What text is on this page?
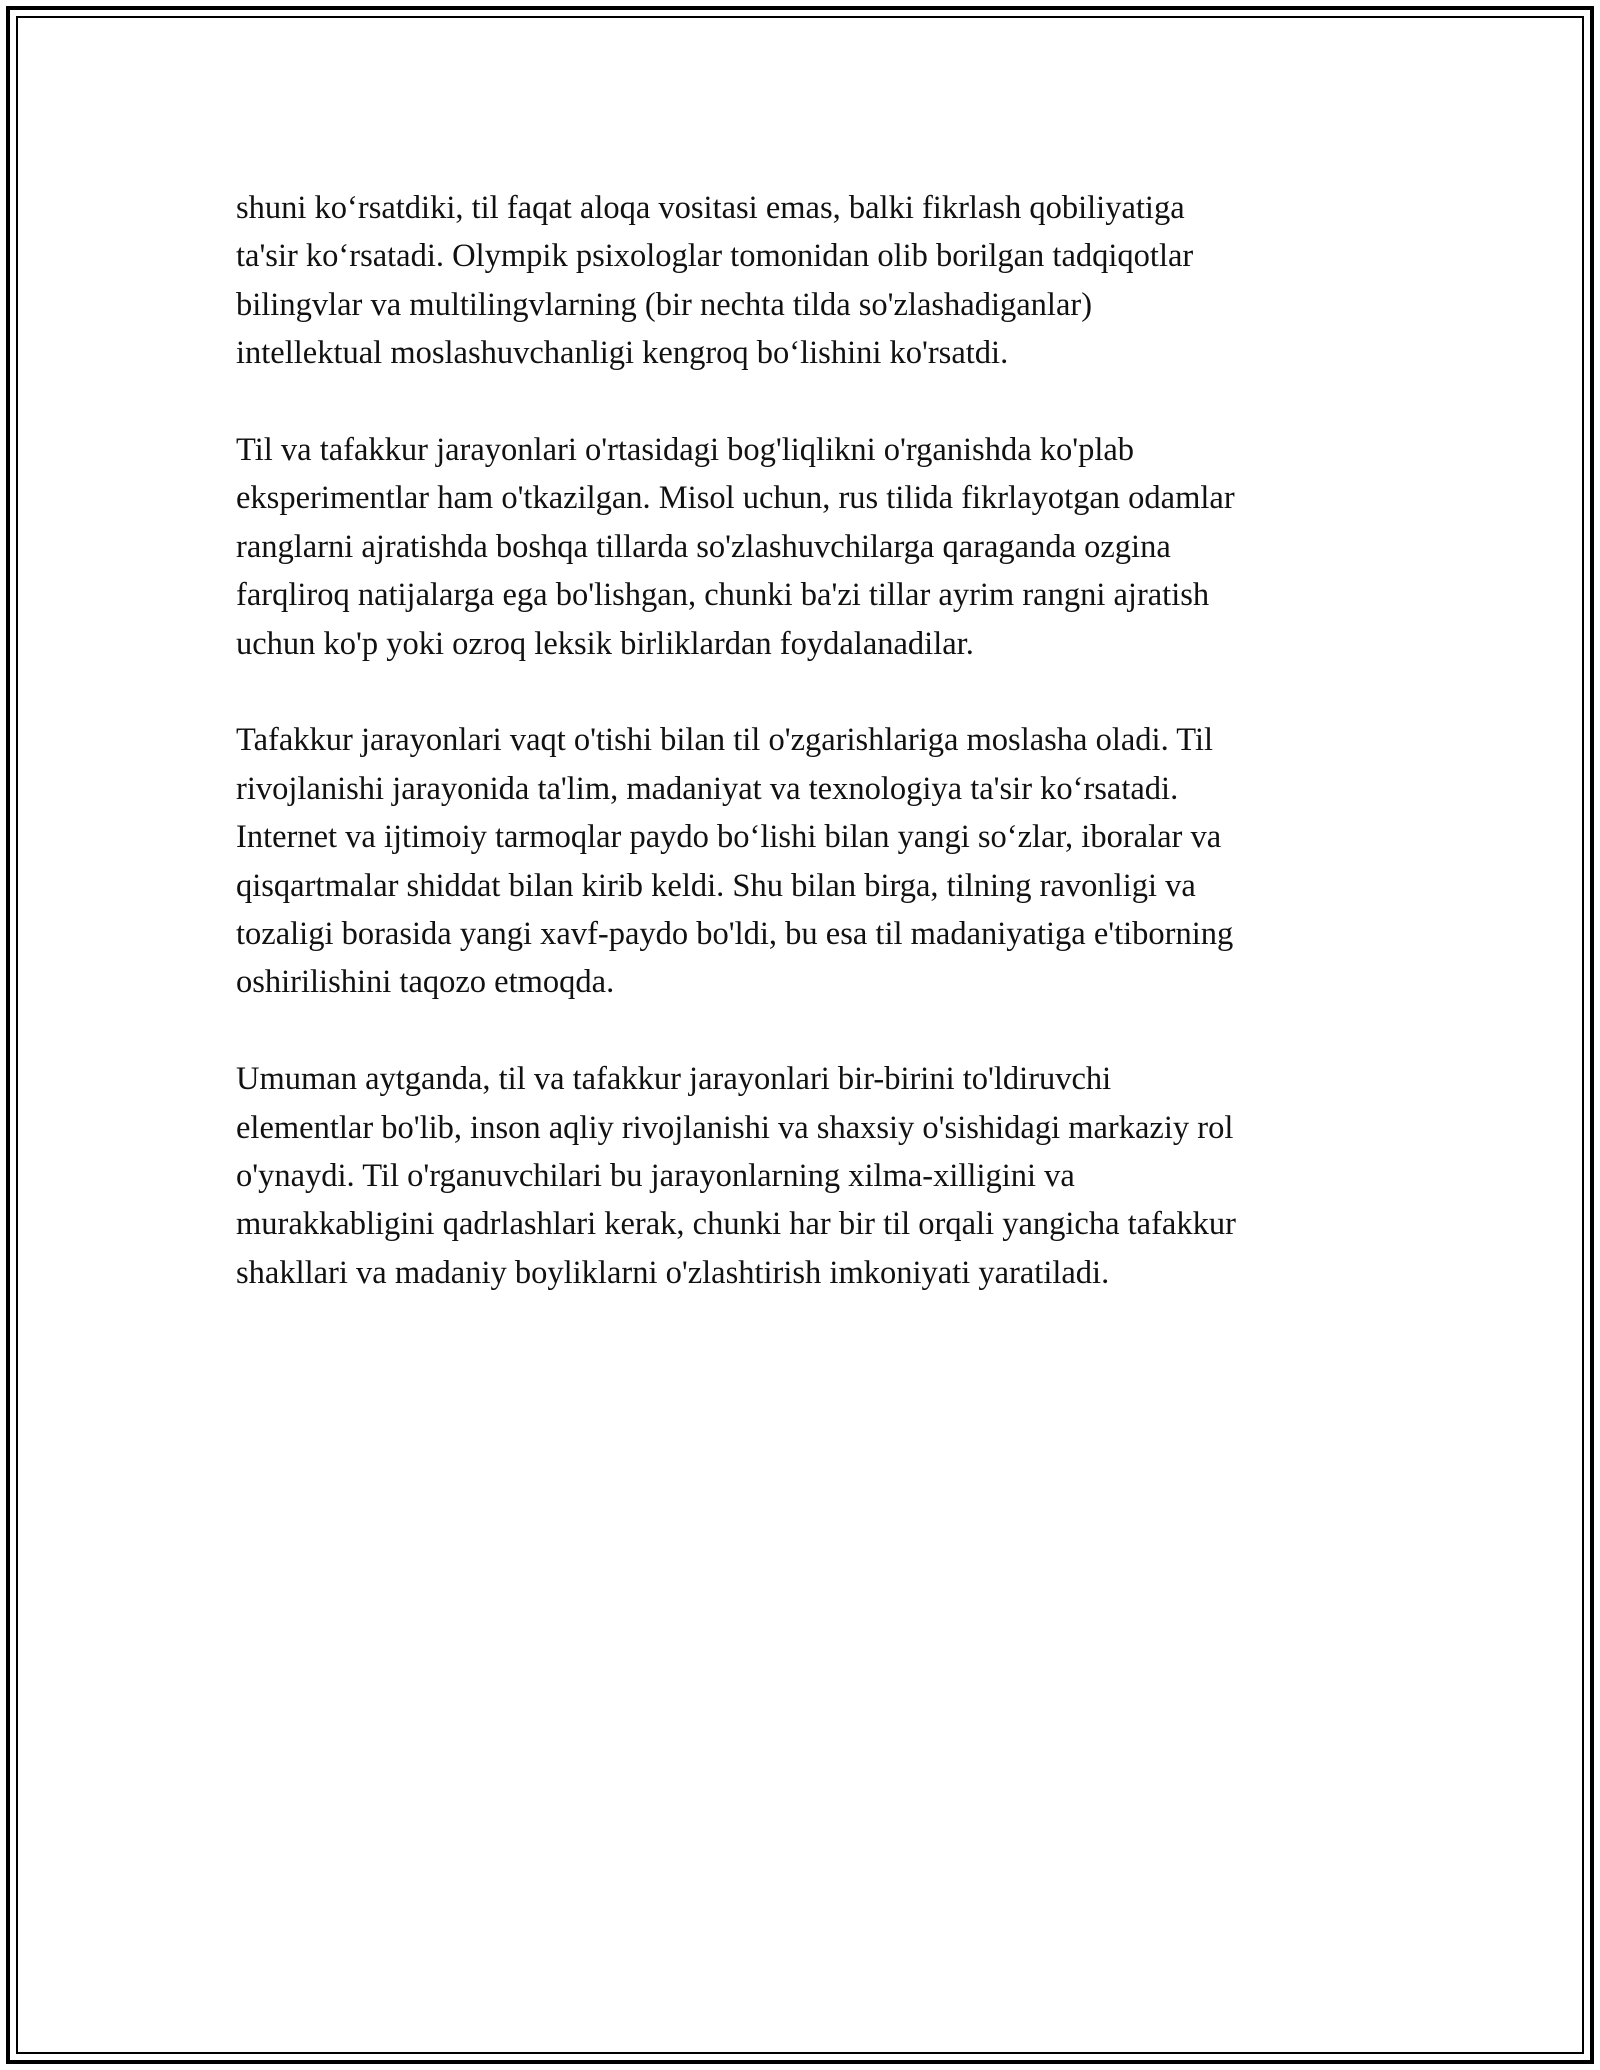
shuni ko‘rsatdiki, til faqat aloqa vositasi emas, balki fikrlash qobiliyatiga
ta'sir ko‘rsatadi. Olympik psixologlar tomonidan olib borilgan tadqiqotlar
bilingvlar va multilingvlarning (bir nechta tilda so'zlashadiganlar)
intellektual moslashuvchanligi kengroq bo‘lishini ko'rsatdi.

Til va tafakkur jarayonlari o'rtasidagi bog'liqlikni o'rganishda ko'plab
eksperimentlar ham o'tkazilgan. Misol uchun, rus tilida fikrlayotgan odamlar
ranglarni ajratishda boshqa tillarda so'zlashuvchilarga qaraganda ozgina
farqliroq natijalarga ega bo'lishgan, chunki ba'zi tillar ayrim rangni ajratish
uchun ko'p yoki ozroq leksik birliklardan foydalanadilar.

Tafakkur jarayonlari vaqt o'tishi bilan til o'zgarishlariga moslasha oladi. Til
rivojlanishi jarayonida ta'lim, madaniyat va texnologiya ta'sir ko‘rsatadi.
Internet va ijtimoiy tarmoqlar paydo bo‘lishi bilan yangi so‘zlar, iboralar va
qisqartmalar shiddat bilan kirib keldi. Shu bilan birga, tilning ravonligi va
tozaligi borasida yangi xavf-paydo bo'ldi, bu esa til madaniyatiga e'tiborning
oshirilishini taqozo etmoqda.

Umuman aytganda, til va tafakkur jarayonlari bir-birini to'ldiruvchi
elementlar bo'lib, inson aqliy rivojlanishi va shaxsiy o'sishidagi markaziy rol
o'ynaydi. Til o'rganuvchilari bu jarayonlarning xilma-xilligini va
murakkabligini qadrlashlari kerak, chunki har bir til orqali yangicha tafakkur
shakllari va madaniy boyliklarni o'zlashtirish imkoniyati yaratiladi.
